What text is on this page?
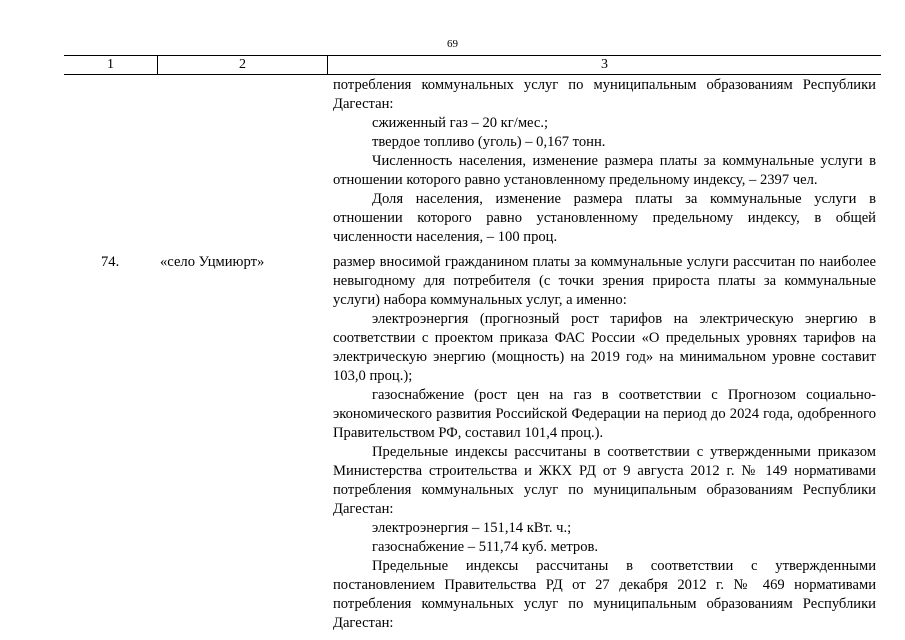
69
1	2	3

потребления коммунальных услуг по муниципальным образованиям Республики Дагестан:

сжиженный газ – 20 кг/мес.;

твердое топливо (уголь) – 0,167 тонн.

Численность населения, изменение размера платы за коммунальные услуги в отношении которого равно установленному предельному индексу, – 2397 чел.

Доля населения, изменение размера платы за коммунальные услуги в отношении которого равно установленному предельному индексу, в общей численности населения, – 100 проц.

74.	«село Уцмиюрт»	размер вносимой гражданином платы за коммунальные услуги рассчитан по наиболее невыгодному для потребителя (с точки зрения прироста платы за коммунальные услуги) набора коммунальных услуг, а именно:

электроэнергия (прогнозный рост тарифов на электрическую энергию в соответствии с проектом приказа ФАС России «О предельных уровнях тарифов на электрическую энергию (мощность) на 2019 год» на минимальном уровне составит 103,0 проц.);

газоснабжение (рост цен на газ в соответствии с Прогнозом социально-экономического развития Российской Федерации на период до 2024 года, одобренного Правительством РФ, составил 101,4 проц.).

Предельные индексы рассчитаны в соответствии с утвержденными приказом Министерства строительства и ЖКХ РД от 9 августа 2012 г. № 149 нормативами потребления коммунальных услуг по муниципальным образованиям Республики Дагестан:

электроэнергия – 151,14 кВт. ч.;

газоснабжение – 511,74 куб. метров.

Предельные индексы рассчитаны в соответствии с утвержденными постановлением Правительства РД от 27 декабря 2012 г. № 469 нормативами потребления коммунальных услуг по муниципальным образованиям Республики Дагестан:
